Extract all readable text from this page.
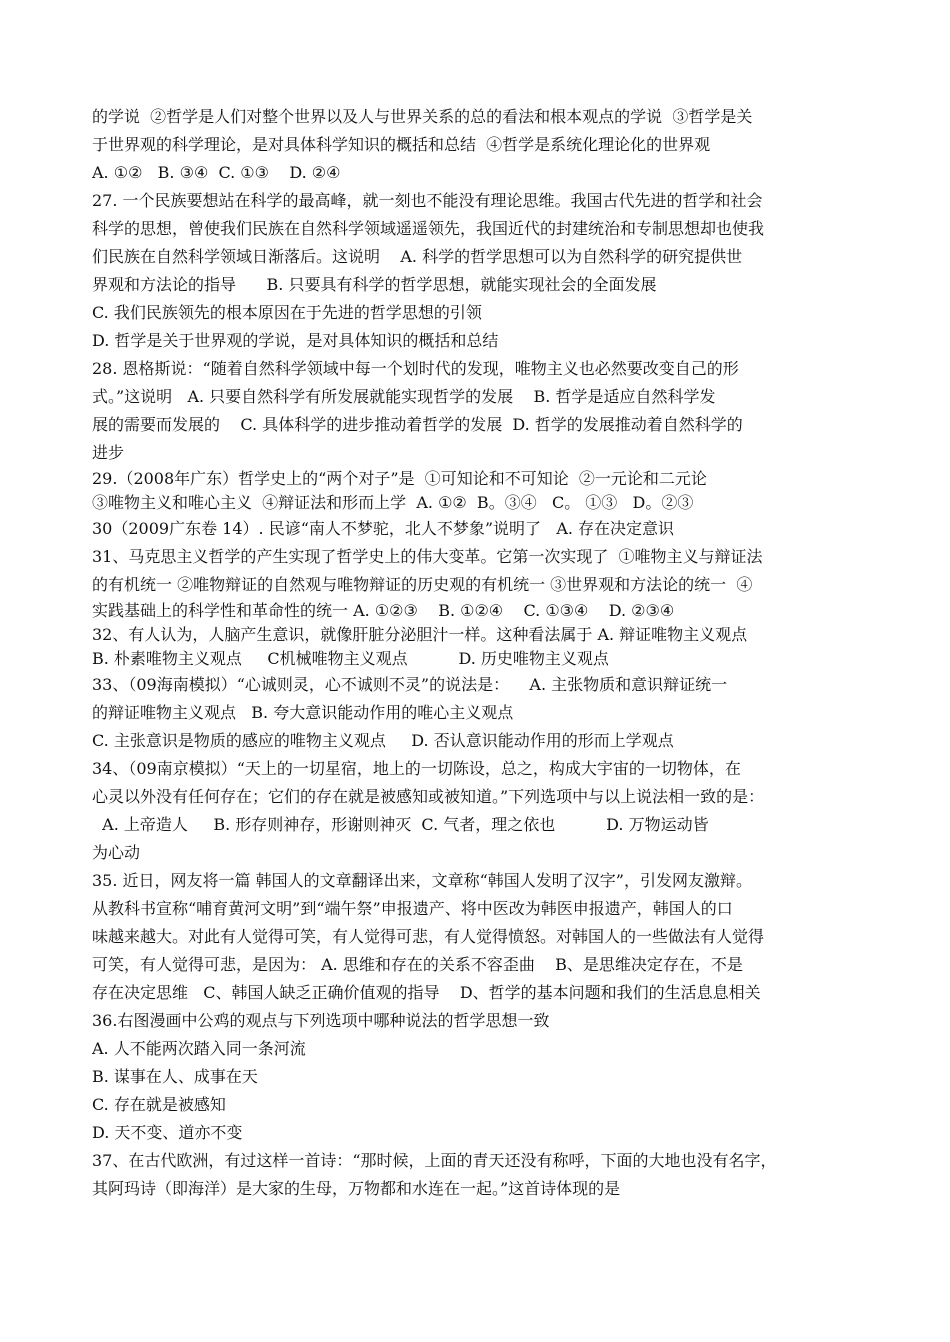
的学说  ②哲学是人们对整个世界以及人与世界关系的总的看法和根本观点的学说  ③哲学是关
于世界观的科学理论，是对具体科学知识的概括和总结  ④哲学是系统化理论化的世界观
A. ①②   B. ③④  C. ①③    D. ②④
27. 一个民族要想站在科学的最高峰，就一刻也不能没有理论思维。我国古代先进的哲学和社会
科学的思想，曾使我们民族在自然科学领域遥遥领先，我国近代的封建统治和专制思想却也使我
们民族在自然科学领域日渐落后。这说明    A. 科学的哲学思想可以为自然科学的研究提供世
界观和方法论的指导      B. 只要具有科学的哲学思想，就能实现社会的全面发展
C. 我们民族领先的根本原因在于先进的哲学思想的引领
D. 哲学是关于世界观的学说，是对具体知识的概括和总结
28. 恩格斯说：“随着自然科学领域中每一个划时代的发现，唯物主义也必然要改变自己的形
式。”这说明   A. 只要自然科学有所发展就能实现哲学的发展    B. 哲学是适应自然科学发
展的需要而发展的    C. 具体科学的进步推动着哲学的发展  D. 哲学的发展推动着自然科学的
进步
29.（2008年广东）哲学史上的“两个对子”是  ①可知论和不可知论  ②一元论和二元论
③唯物主义和唯心主义  ④辩证法和形而上学  A. ①②  B。③④   C。 ①③   D。②③
30（2009广东卷 14）. 民谚“南人不梦驼，北人不梦象”说明了   A. 存在决定意识
31、马克思主义哲学的产生实现了哲学史上的伟大变革。它第一次实现了  ①唯物主义与辩证法
的有机统一 ②唯物辩证的自然观与唯物辩证的历史观的有机统一 ③世界观和方法论的统一  ④
实践基础上的科学性和革命性的统一 A. ①②③    B. ①②④    C. ①③④    D. ②③④
32、有人认为，人脑产生意识，就像肝脏分泌胆汁一样。这种看法属于 A. 辩证唯物主义观点
B. 朴素唯物主义观点     C机械唯物主义观点          D. 历史唯物主义观点
33、（09海南模拟）“心诚则灵，心不诚则不灵”的说法是：    A. 主张物质和意识辩证统一
的辩证唯物主义观点   B. 夸大意识能动作用的唯心主义观点
C. 主张意识是物质的感应的唯物主义观点     D. 否认意识能动作用的形而上学观点
34、（09南京模拟）“天上的一切星宿，地上的一切陈设，总之，构成大宇宙的一切物体，在
心灵以外没有任何存在；它们的存在就是被感知或被知道。”下列选项中与以上说法相一致的是：
A. 上帝造人     B. 形存则神存，形谢则神灭  C. 气者，理之依也          D. 万物运动皆
为心动
35. 近日，网友将一篇 韩国人的文章翻译出来，文章称“韩国人发明了汉字”，引发网友激辩。
从教科书宣称“哺育黄河文明”到“端午祭”申报遗产、将中医改为韩医申报遗产，韩国人的口
味越来越大。对此有人觉得可笑，有人觉得可悲，有人觉得愤怒。对韩国人的一些做法有人觉得
可笑，有人觉得可悲，是因为： A. 思维和存在的关系不容歪曲    B、是思维决定存在，不是
存在决定思维   C、韩国人缺乏正确价值观的指导    D、哲学的基本问题和我们的生活息息相关
36.右图漫画中公鸡的观点与下列选项中哪种说法的哲学思想一致
A. 人不能两次踏入同一条河流
B. 谋事在人、成事在天
C. 存在就是被感知
D. 天不变、道亦不变
37、在古代欧洲，有过这样一首诗：“那时候，上面的青天还没有称呼，下面的大地也没有名字，
其阿玛诗（即海洋）是大家的生母，万物都和水连在一起。”这首诗体现的是
